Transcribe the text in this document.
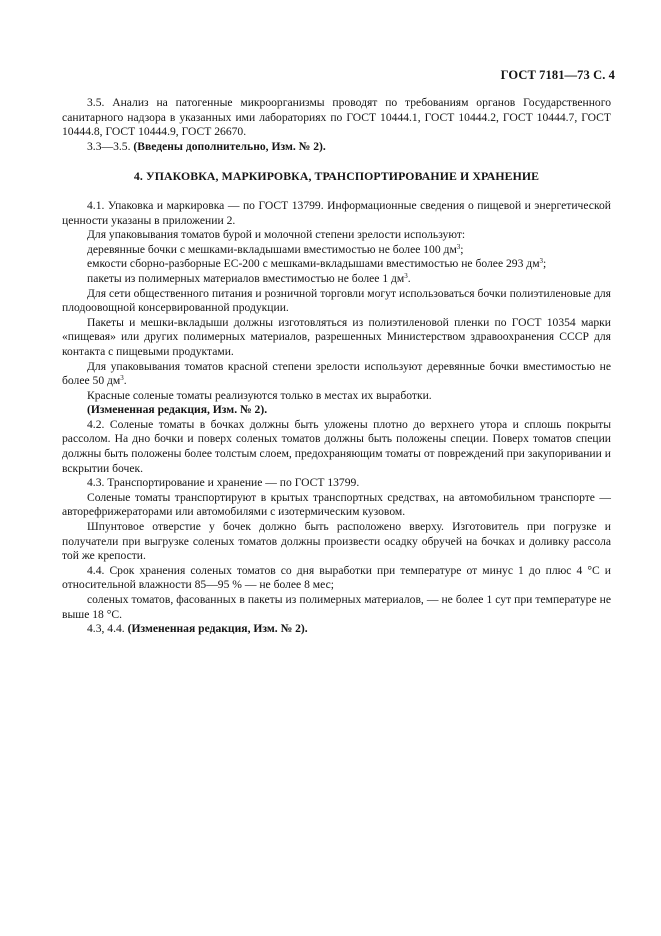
ГОСТ 7181—73 С. 4

3.5. Анализ на патогенные микроорганизмы проводят по требованиям органов Государственного санитарного надзора в указанных ими лабораториях по ГОСТ 10444.1, ГОСТ 10444.2, ГОСТ 10444.7, ГОСТ 10444.8, ГОСТ 10444.9, ГОСТ 26670.

3.3—3.5. (Введены дополнительно, Изм. № 2).

4. УПАКОВКА, МАРКИРОВКА, ТРАНСПОРТИРОВАНИЕ И ХРАНЕНИЕ

4.1. Упаковка и маркировка — по ГОСТ 13799. Информационные сведения о пищевой и энергетической ценности указаны в приложении 2.

Для упаковывания томатов бурой и молочной степени зрелости используют:

деревянные бочки с мешками-вкладышами вместимостью не более 100 $дм^3$;

емкости сборно-разборные ЕС-200 с мешками-вкладышами вместимостью не более 293 $дм^3$;

пакеты из полимерных материалов вместимостью не более 1 $дм^3$.

Для сети общественного питания и розничной торговли могут использоваться бочки полиэтиленовые для плодоовощной консервированной продукции.

Пакеты и мешки-вкладыши должны изготовляться из полиэтиленовой пленки по ГОСТ 10354 марки «пищевая» или других полимерных материалов, разрешенных Министерством здравоохранения СССР для контакта с пищевыми продуктами.

Для упаковывания томатов красной степени зрелости используют деревянные бочки вместимостью не более 50 $дм^3$.

Красные соленые томаты реализуются только в местах их выработки.

(Измененная редакция, Изм. № 2).

4.2. Соленые томаты в бочках должны быть уложены плотно до верхнего утора и сплошь покрыты рассолом. На дно бочки и поверх соленых томатов должны быть положены специи. Поверх томатов специи должны быть положены более толстым слоем, предохраняющим томаты от повреждений при закупоривании и вскрытии бочек.

4.3. Транспортирование и хранение — по ГОСТ 13799.

Соленые томаты транспортируют в крытых транспортных средствах, на автомобильном транспорте — авторефрижераторами или автомобилями с изотермическим кузовом.

Шпунтовое отверстие у бочек должно быть расположено вверху. Изготовитель при погрузке и получатели при выгрузке соленых томатов должны произвести осадку обручей на бочках и доливку рассола той же крепости.

4.4. Срок хранения соленых томатов со дня выработки при температуре от минус 1 до плюс 4 °С и относительной влажности 85—95 % — не более 8 мес;

соленых томатов, фасованных в пакеты из полимерных материалов, — не более 1 сут при температуре не выше 18 °С.

4.3, 4.4. (Измененная редакция, Изм. № 2).
